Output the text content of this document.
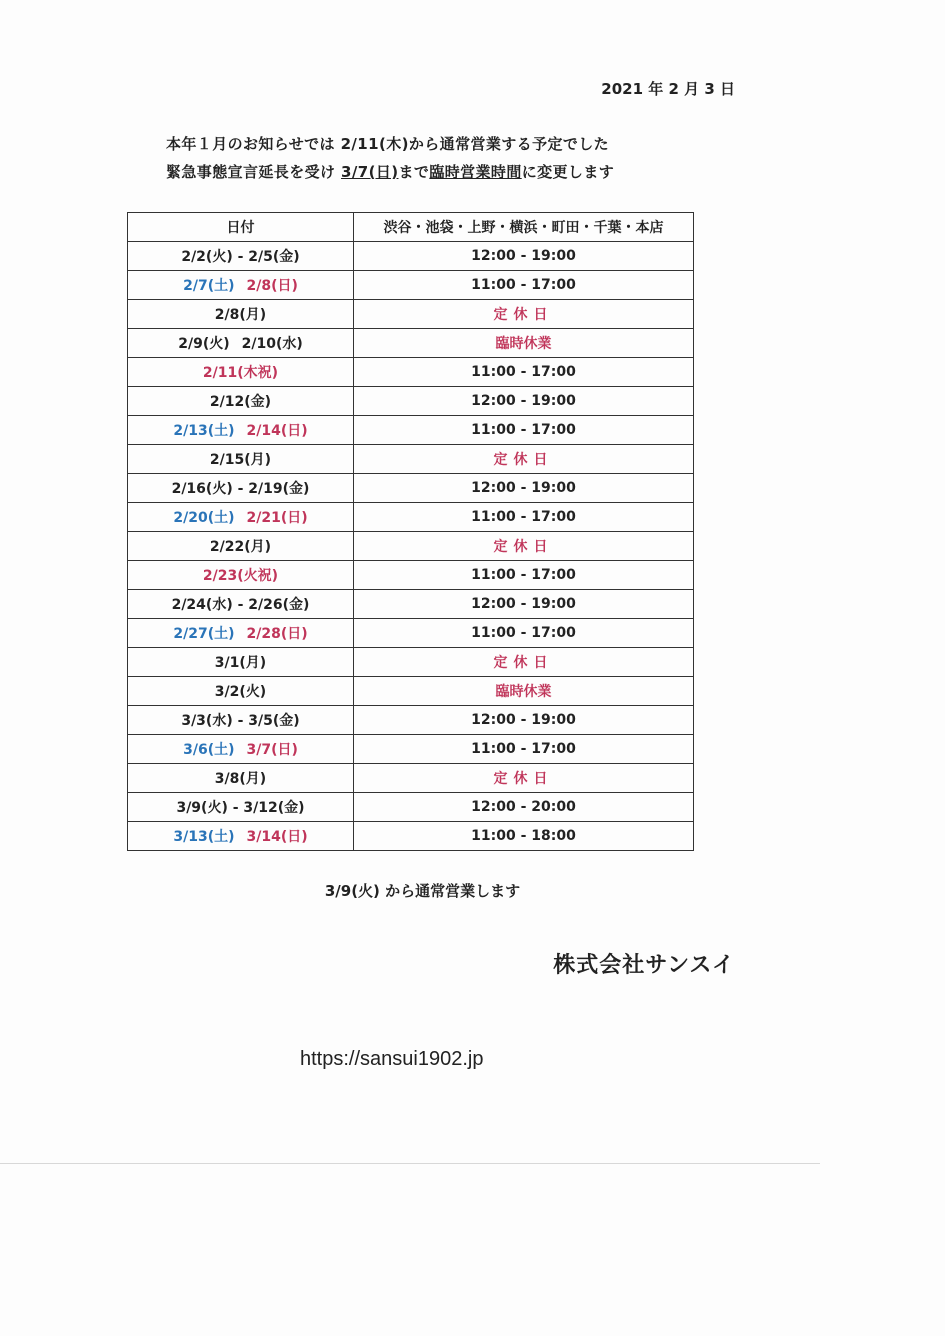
2021 年 2 月 3 日
本年１月のお知らせでは 2/11(木)から通常営業する予定でした
緊急事態宣言延長を受け 3/7(日)まで臨時営業時間に変更します
日付	渋谷・池袋・上野・横浜・町田・千葉・本店
2/2(火) - 2/5(金)	12:00 - 19:00
2/7(土) 2/8(日)	11:00 - 17:00
2/8(月)	定休日
2/9(火) 2/10(水)	臨時休業
2/11(木祝)	11:00 - 17:00
2/12(金)	12:00 - 19:00
2/13(土) 2/14(日)	11:00 - 17:00
2/15(月)	定休日
2/16(火) - 2/19(金)	12:00 - 19:00
2/20(土) 2/21(日)	11:00 - 17:00
2/22(月)	定休日
2/23(火祝)	11:00 - 17:00
2/24(水) - 2/26(金)	12:00 - 19:00
2/27(土) 2/28(日)	11:00 - 17:00
3/1(月)	定休日
3/2(火)	臨時休業
3/3(水) - 3/5(金)	12:00 - 19:00
3/6(土) 3/7(日)	11:00 - 17:00
3/8(月)	定休日
3/9(火) - 3/12(金)	12:00 - 20:00
3/13(土) 3/14(日)	11:00 - 18:00
3/9(火) から通常営業します
株式会社サンスイ
https://sansui1902.jp
